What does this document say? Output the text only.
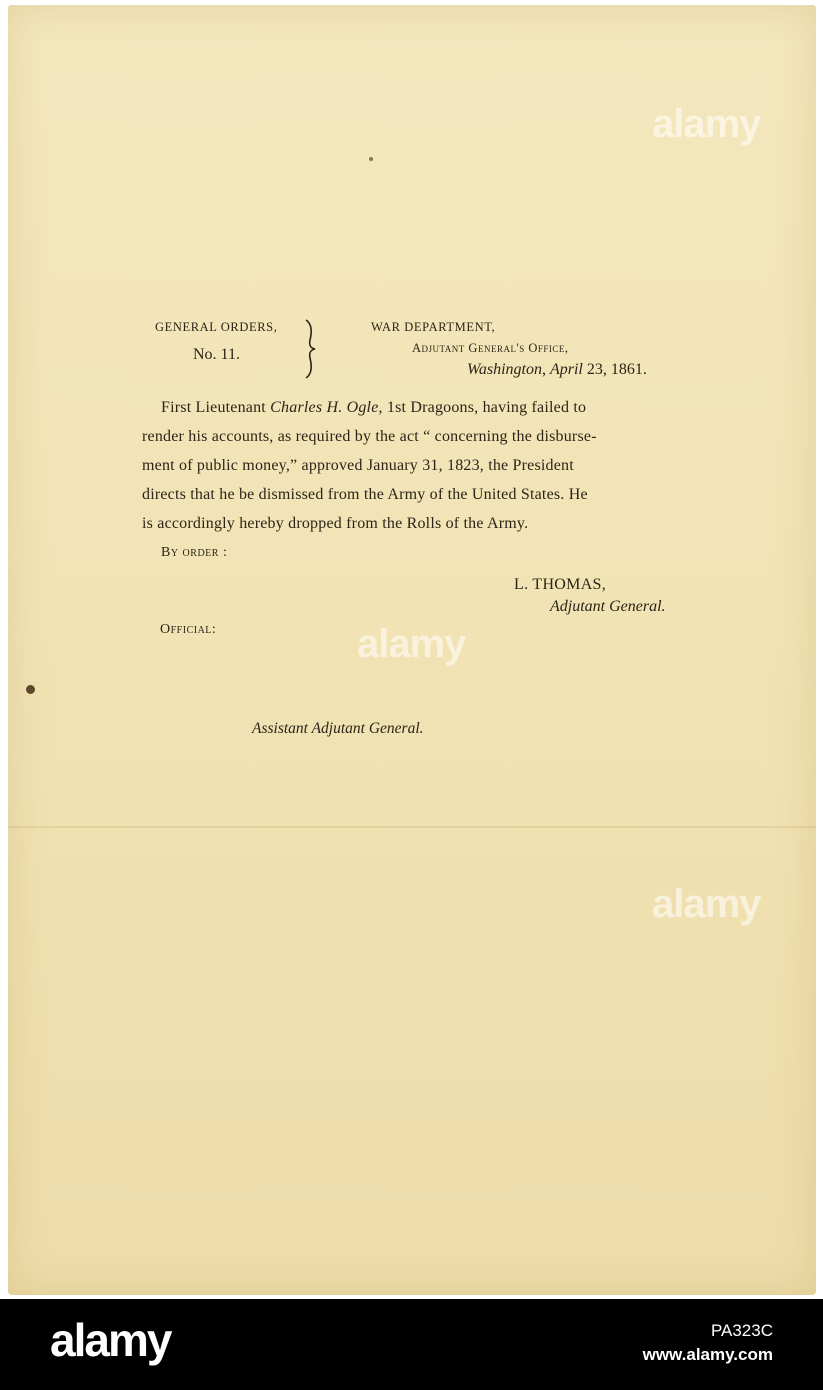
alamy
alamy
alamy

GENERAL ORDERS,

No. 11.

WAR DEPARTMENT,

Adjutant General's Office,

Washington, April 23, 1861.

First Lieutenant Charles H. Ogle, 1st Dragoons, having failed to

render his accounts, as required by the act “ concerning the disburse-

ment of public money,” approved January 31, 1823, the President

directs that he be dismissed from the Army of the United States. He

is accordingly hereby dropped from the Rolls of the Army.

By order :

L. THOMAS,

Adjutant General.

Official:

Assistant Adjutant General.

alamy	PA323C
www.alamy.com
